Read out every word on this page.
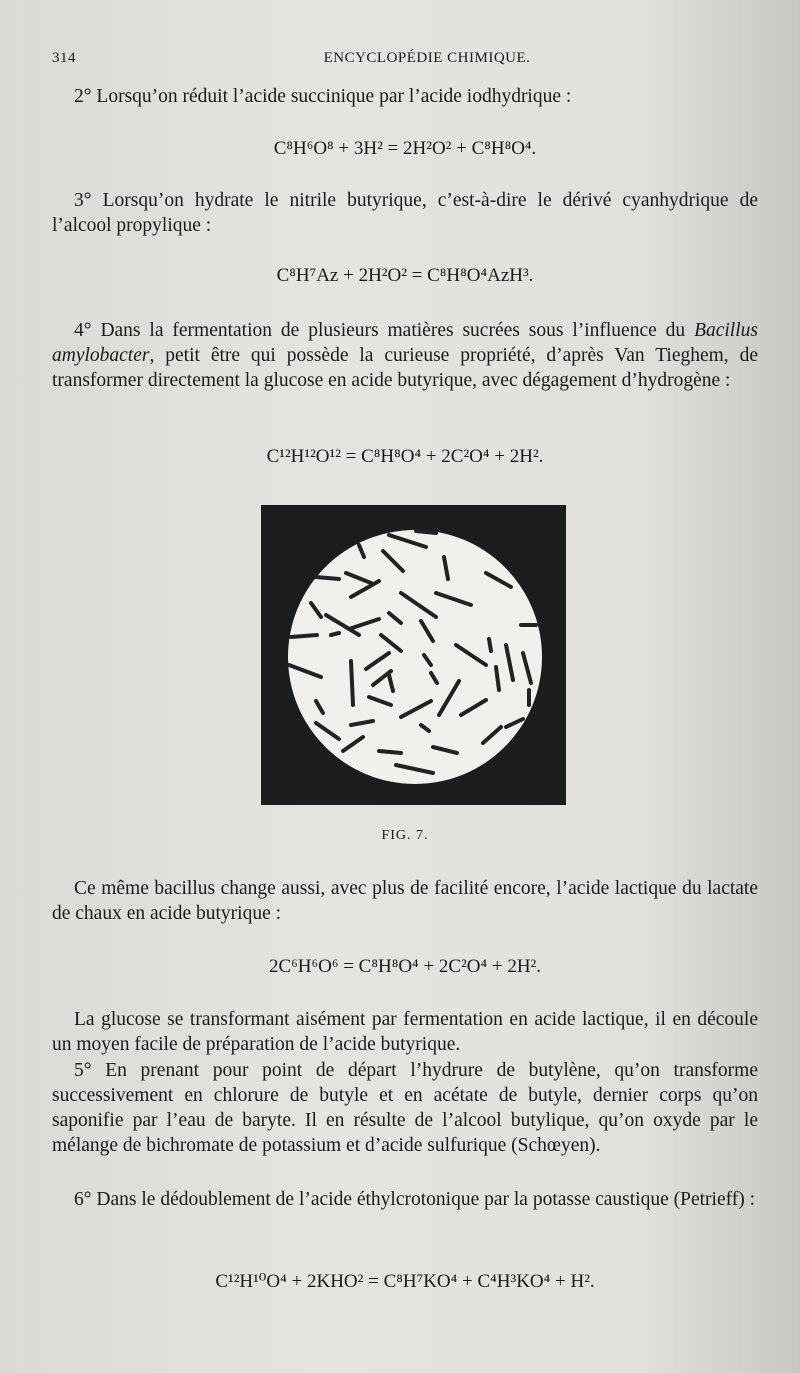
314	ENCYCLOPÉDIE CHIMIQUE.
2° Lorsqu’on réduit l’acide succinique par l’acide iodhydrique :
C⁸H⁶O⁸ + 3H² = 2H²O² + C⁸H⁸O⁴.
3° Lorsqu’on hydrate le nitrile butyrique, c’est-à-dire le dérivé cyanhydrique de l’alcool propylique :
C⁸H⁷Az + 2H²O² = C⁸H⁸O⁴AzH³.
4° Dans la fermentation de plusieurs matières sucrées sous l’influence du Bacillus amylobacter, petit être qui possède la curieuse propriété, d’après Van Tieghem, de transformer directement la glucose en acide butyrique, avec dégagement d’hydrogène :
C¹²H¹²O¹² = C⁸H⁸O⁴ + 2C²O⁴ + 2H².
FIG. 7.
Ce même bacillus change aussi, avec plus de facilité encore, l’acide lactique du lactate de chaux en acide butyrique :
2C⁶H⁶O⁶ = C⁸H⁸O⁴ + 2C²O⁴ + 2H².
La glucose se transformant aisément par fermentation en acide lactique, il en découle un moyen facile de préparation de l’acide butyrique.
5° En prenant pour point de départ l’hydrure de butylène, qu’on transforme successivement en chlorure de butyle et en acétate de butyle, dernier corps qu’on saponifie par l’eau de baryte. Il en résulte de l’alcool butylique, qu’on oxyde par le mélange de bichromate de potassium et d’acide sulfurique (Schœyen).
6° Dans le dédoublement de l’acide éthylcrotonique par la potasse caustique (Petrieff) :
C¹²H¹⁰O⁴ + 2KHO² = C⁸H⁷KO⁴ + C⁴H³KO⁴ + H².
